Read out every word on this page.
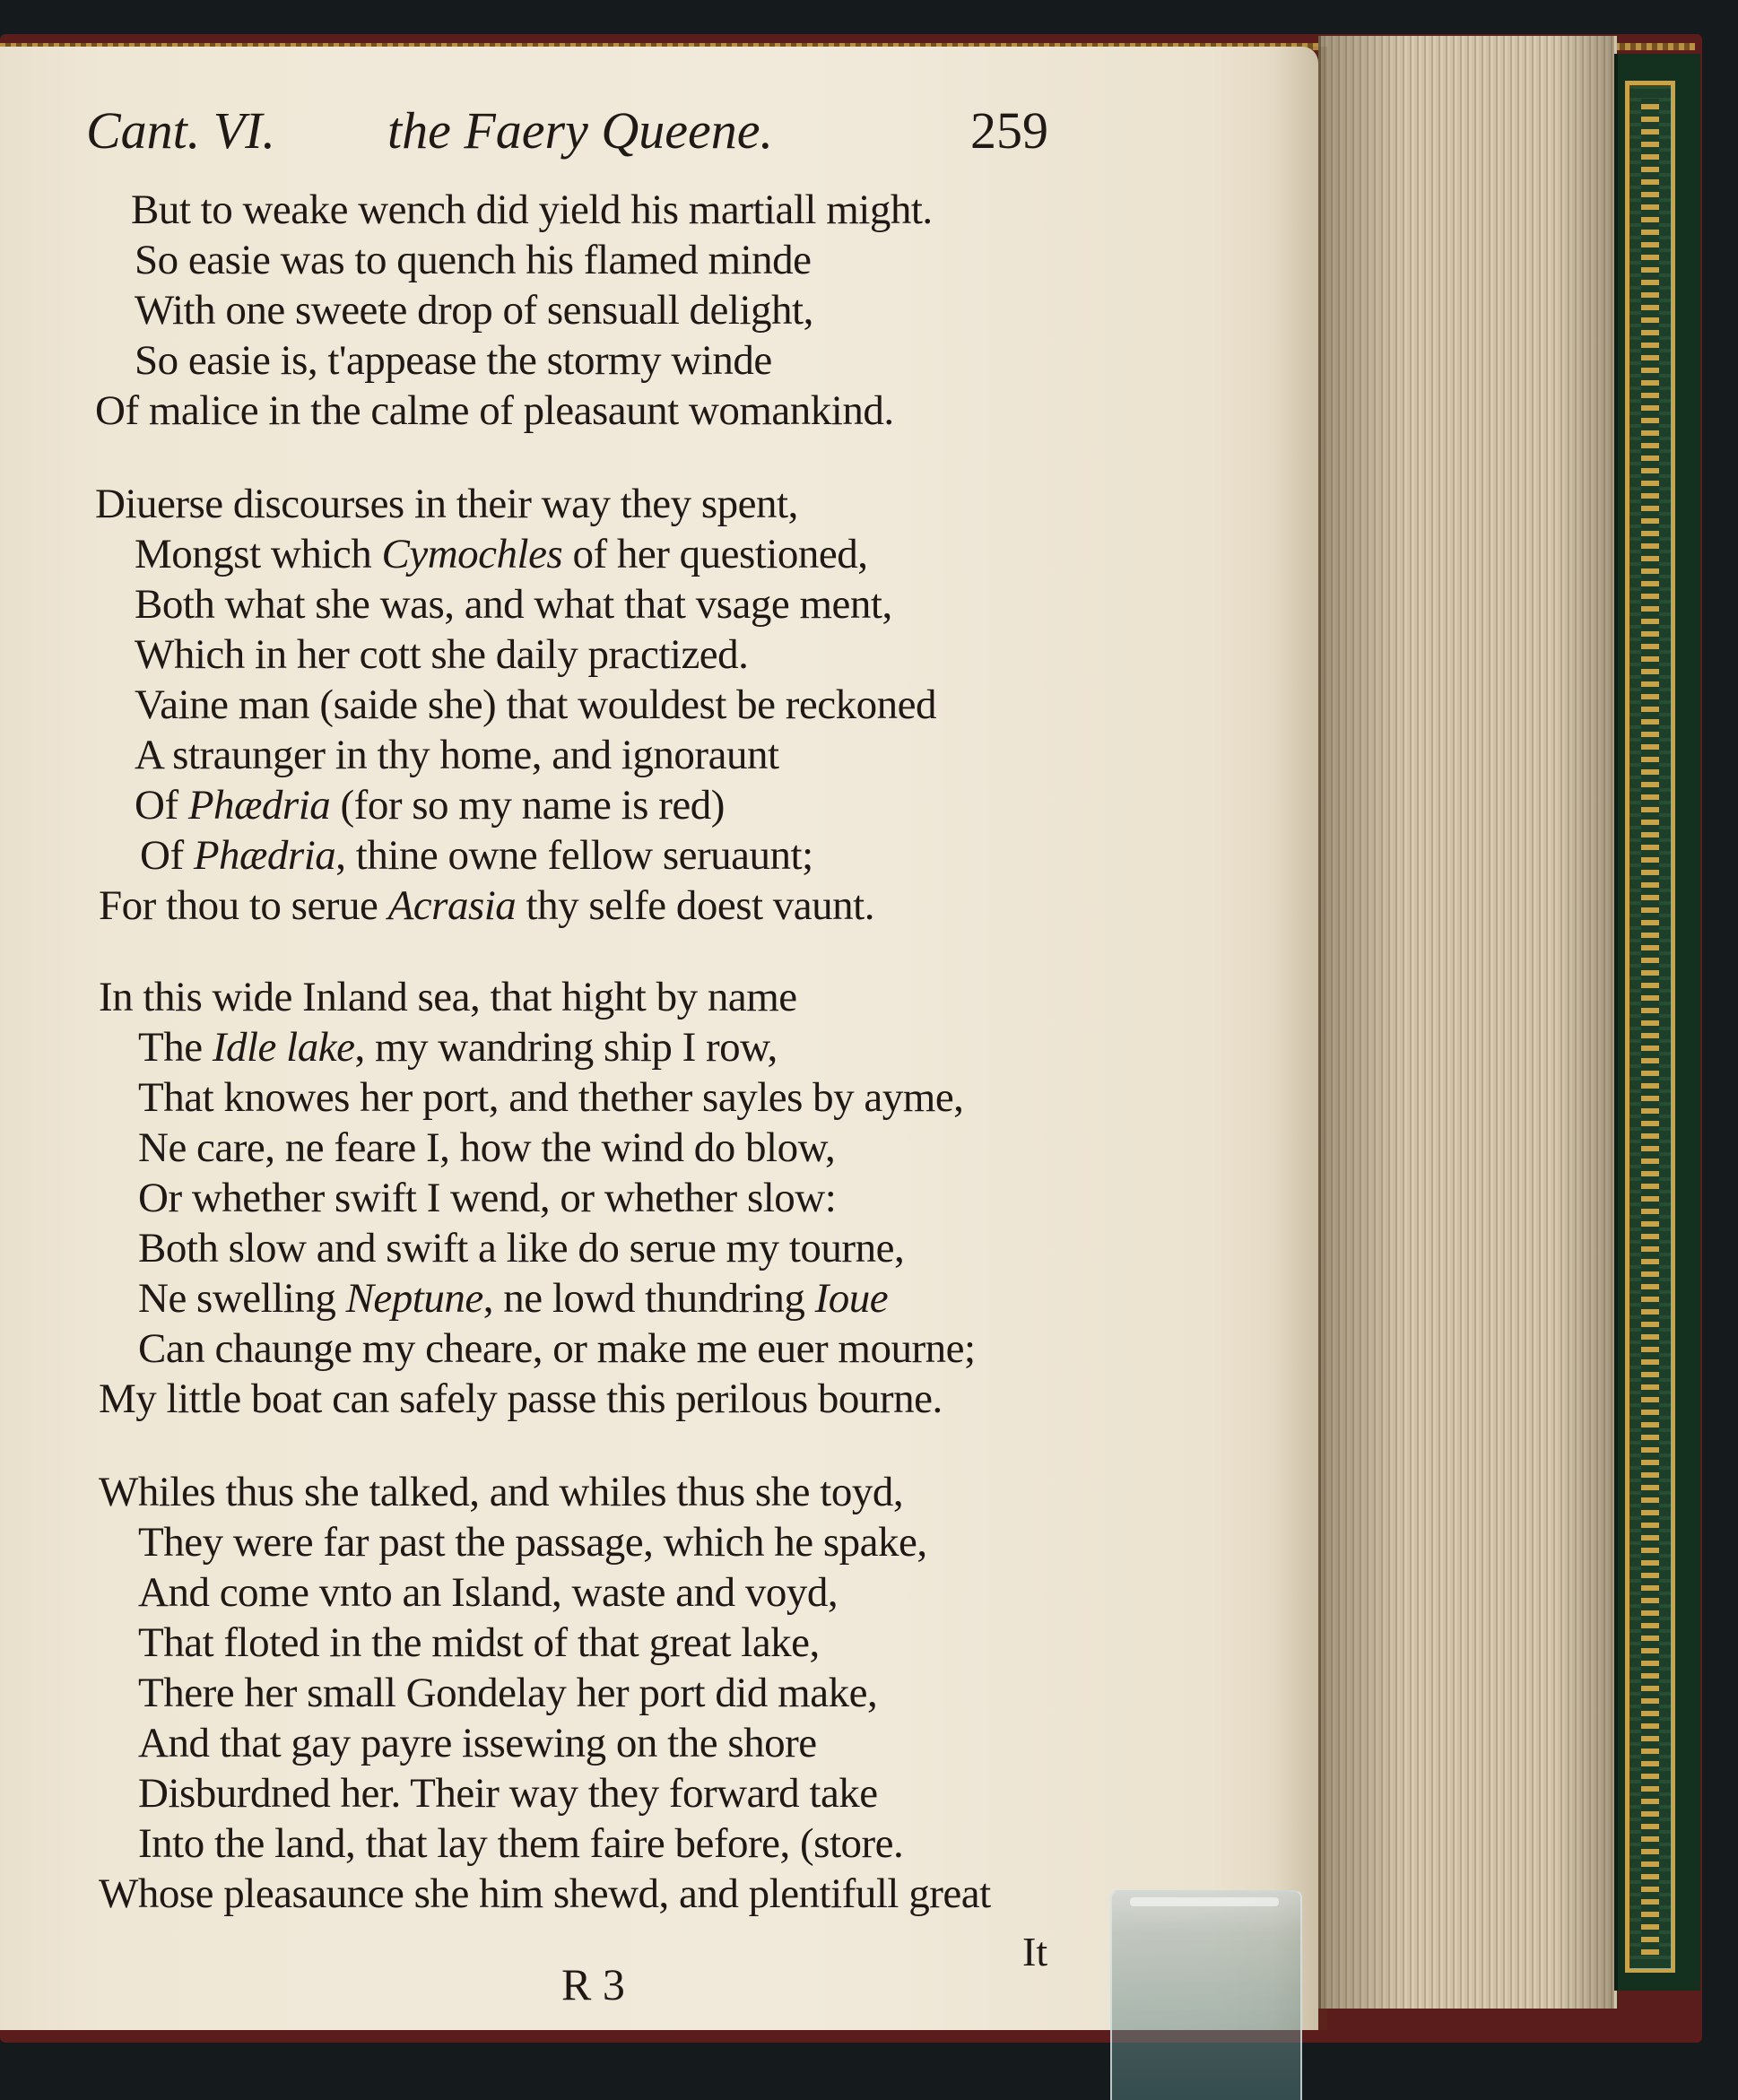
Cant. VI. the Faery Queene.	259
But to weake wench did yield his martiall might.
So easie was to quench his flamed minde
With one sweete drop of sensuall delight,
So easie is, t'appease the stormy winde
Of malice in the calme of pleasaunt womankind.
Diuerse discourses in their way they spent,
Mongst which Cymochles of her questioned,
Both what she was, and what that vsage ment,
Which in her cott she daily practized.
Vaine man (saide she) that wouldest be reckoned
A straunger in thy home, and ignoraunt
Of Phædria (for so my name is red)
Of Phædria, thine owne fellow seruaunt;
For thou to serue Acrasia thy selfe doest vaunt.
In this wide Inland sea, that hight by name
The Idle lake, my wandring ship I row,
That knowes her port, and thether sayles by ayme,
Ne care, ne feare I, how the wind do blow,
Or whether swift I wend, or whether slow:
Both slow and swift a like do serue my tourne,
Ne swelling Neptune, ne lowd thundring Ioue
Can chaunge my cheare, or make me euer mourne;
My little boat can safely passe this perilous bourne.
Whiles thus she talked, and whiles thus she toyd,
They were far past the passage, which he spake,
And come vnto an Island, waste and voyd,
That floted in the midst of that great lake,
There her small Gondelay her port did make,
And that gay payre issewing on the shore
Disburdned her. Their way they forward take
Into the land, that lay them faire before, (store.
Whose pleasaunce she him shewd, and plentifull great
R 3
It
